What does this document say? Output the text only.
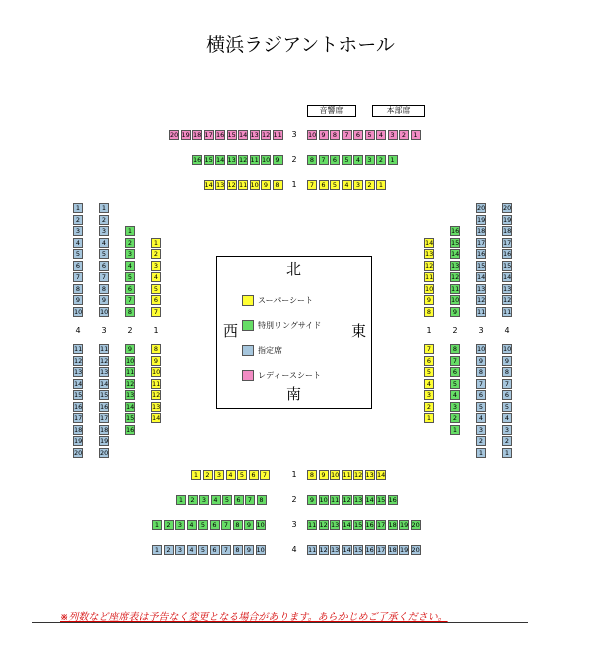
横浜ラジアントホール
音響席	本部席
20 19 18 17 16 15 14 13 12 11	3	10 9	8	7	6	5	4	3	2	1
16 15 14 13 12 11 10 9	2	8	7	6	5	4	3	2	1
14 13 12 11 10 9	8	1	7	6	5	4	3	2	1
1	2	3	4	5	6	7	1	8	9 10 11 12 13 14
1	2	3	4	5	6	7	8	2	9 10 11 12 13 14 15 16
1	2	3	4	5	6	7	8	9 10	3	11 12 13 14 15 16 17 18 19 20
1	2	3	4	5	6	7	8	9 10	4	11 12 13 14 15 16 17 18 19 20
1
2
3
4
5
6
7
8
9
10
4
11
12
13
14
15
16
17
18
19
20
1
2
3
4
5
6
7
8
9
10
3
11
12
13
14
15
16
17
18
19
20
1
2
3
4
5
6
7
8
2
9
10
11
12
13
14
15
16
1
2
3
4
5
6
7
1
8
9
10
11
12
13
14
14
13
12
11
10
9
8
1
7
6
5
4
3
2
1
16
15
14
13
12
11
10
9
2
8
7
6
5
4
3
2
1
20
19
18
17
16
15
14
13
12
11
3
10
9
8
7
6
5
4
3
2
1
20
19
18
17
16
15
14
13
12
11
4
10
9
8
7
6
5
4
3
2
1
北
南
西	東
スーパーシート
特別リングサイド
指定席
レディースシート
※列数など座席表は予告なく変更となる場合があります。あらかじめご了承ください。
